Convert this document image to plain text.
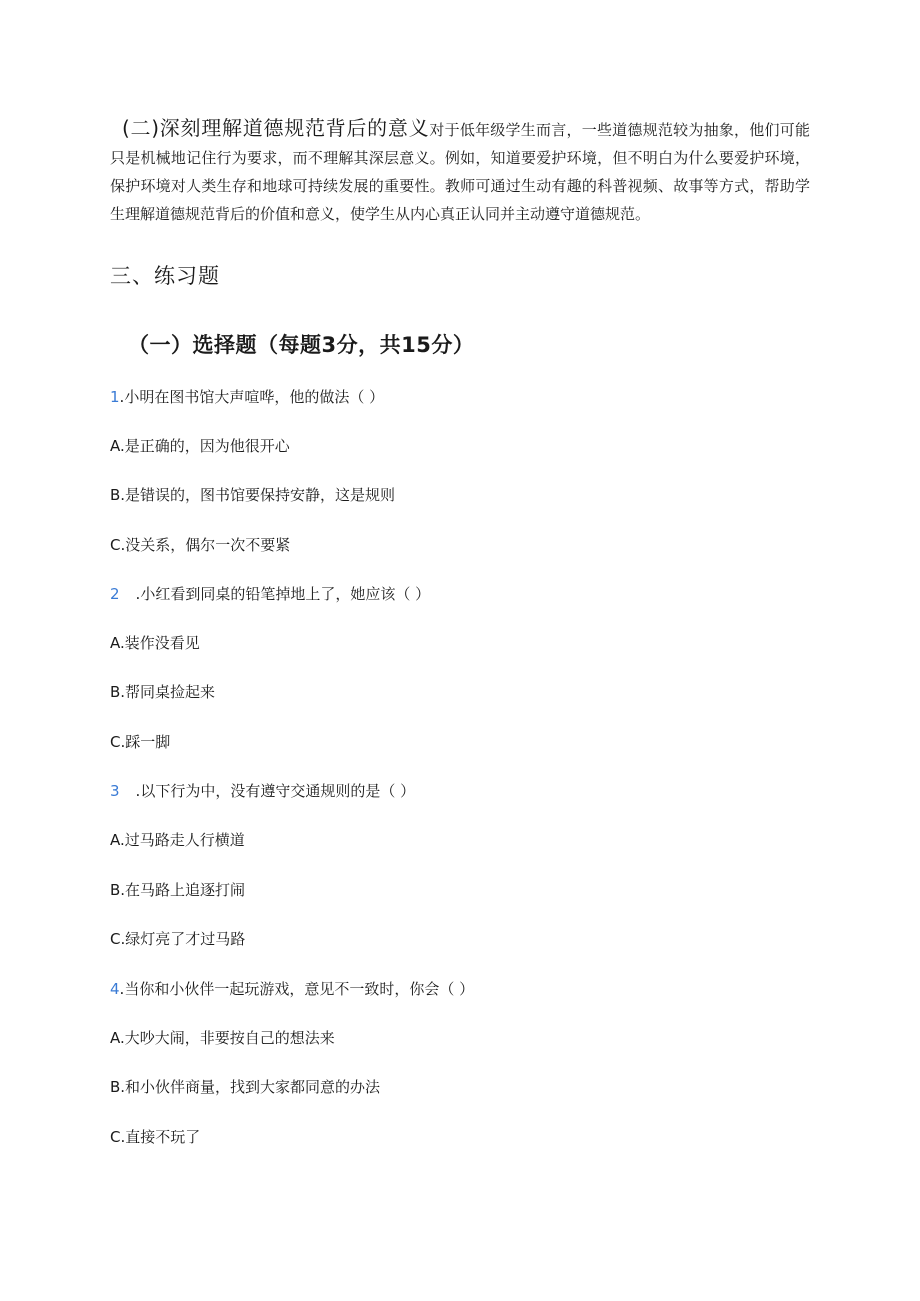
(二)深刻理解道德规范背后的意义对于低年级学生而言，一些道德规范较为抽象，他们可能只是机械地记住行为要求，而不理解其深层意义。例如，知道要爱护环境，但不明白为什么要爱护环境，保护环境对人类生存和地球可持续发展的重要性。教师可通过生动有趣的科普视频、故事等方式，帮助学生理解道德规范背后的价值和意义，使学生从内心真正认同并主动遵守道德规范。

三、练习题
（一）选择题（每题3分，共15分）
1.小明在图书馆大声喧哗，他的做法（ ）
A.是正确的，因为他很开心
B.是错误的，图书馆要保持安静，这是规则
C.没关系，偶尔一次不要紧
2 .小红看到同桌的铅笔掉地上了，她应该（ ）
A.装作没看见
B.帮同桌捡起来
C.踩一脚
3 .以下行为中，没有遵守交通规则的是（ ）
A.过马路走人行横道
B.在马路上追逐打闹
C.绿灯亮了才过马路
4.当你和小伙伴一起玩游戏，意见不一致时，你会（ ）
A.大吵大闹，非要按自己的想法来
B.和小伙伴商量，找到大家都同意的办法
C.直接不玩了
